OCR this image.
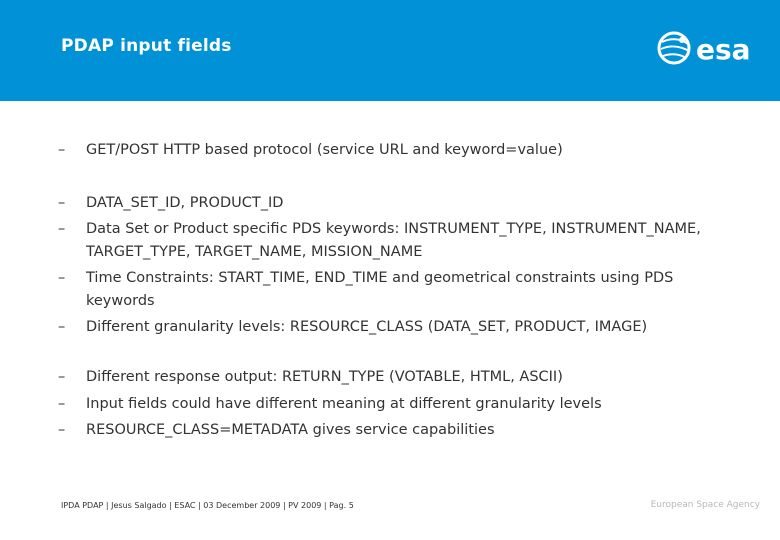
PDAP input fields	esa
– GET/POST HTTP based protocol (service URL and keyword=value)
– DATA_SET_ID, PRODUCT_ID
– Data Set or Product specific PDS keywords: INSTRUMENT_TYPE, INSTRUMENT_NAME, TARGET_TYPE, TARGET_NAME, MISSION_NAME
– Time Constraints: START_TIME, END_TIME and geometrical constraints using PDS keywords
– Different granularity levels: RESOURCE_CLASS (DATA_SET, PRODUCT, IMAGE)
– Different response output: RETURN_TYPE (VOTABLE, HTML, ASCII)
– Input fields could have different meaning at different granularity levels
– RESOURCE_CLASS=METADATA gives service capabilities
IPDA PDAP | Jesus Salgado | ESAC | 03 December 2009 | PV 2009 | Pag. 5	European Space Agency
